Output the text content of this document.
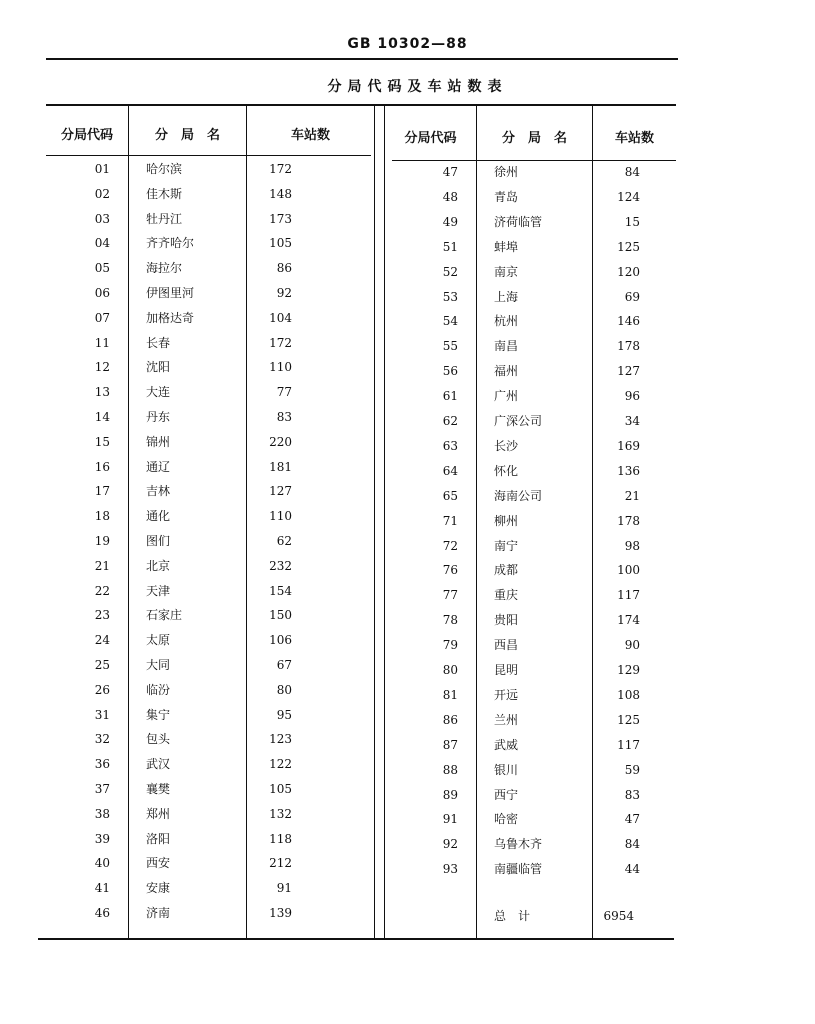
GB 10302—88
分局代码及车站数表
分局代码	分　局　名	车站数	分局代码	分　局　名	车站数
01	哈尔滨	172
02	佳木斯	148
03	牡丹江	173
04	齐齐哈尔	105
05	海拉尔	86
06	伊图里河	92
07	加格达奇	104
11	长春	172
12	沈阳	110
13	大连	77
14	丹东	83
15	锦州	220
16	通辽	181
17	吉林	127
18	通化	110
19	图们	62
21	北京	232
22	天津	154
23	石家庄	150
24	太原	106
25	大同	67
26	临汾	80
31	集宁	95
32	包头	123
36	武汉	122
37	襄樊	105
38	郑州	132
39	洛阳	118
40	西安	212
41	安康	91
46	济南	139
47	徐州	84
48	青岛	124
49	济荷临管	15
51	蚌埠	125
52	南京	120
53	上海	69
54	杭州	146
55	南昌	178
56	福州	127
61	广州	96
62	广深公司	34
63	长沙	169
64	怀化	136
65	海南公司	21
71	柳州	178
72	南宁	98
76	成都	100
77	重庆	117
78	贵阳	174
79	西昌	90
80	昆明	129
81	开远	108
86	兰州	125
87	武威	117
88	银川	59
89	西宁	83
91	哈密	47
92	乌鲁木齐	84
93	南疆临管	44
总　计	6954
